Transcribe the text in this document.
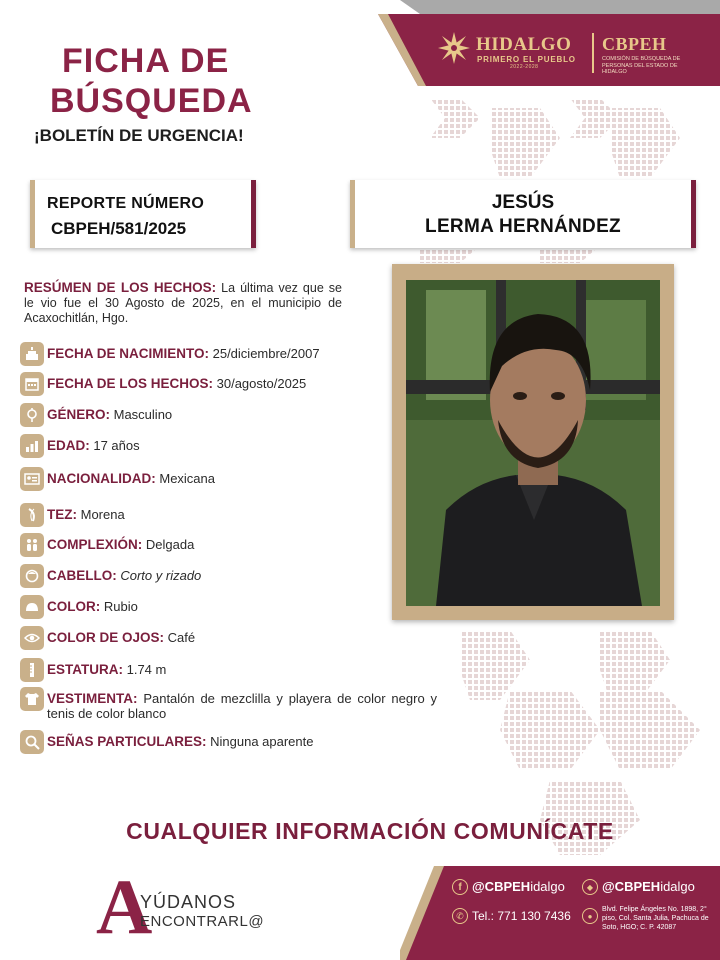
HIDALGO
PRIMERO EL PUEBLO
2022-2028
CBPEH
COMISIÓN DE BÚSQUEDA DE PERSONAS DEL ESTADO DE HIDALGO
FICHA DE
BÚSQUEDA
¡BOLETÍN DE URGENCIA!
REPORTE NÚMERO
CBPEH/581/2025
JESÚS
LERMA HERNÁNDEZ
RESÚMEN DE LOS HECHOS: La última vez que se le vio fue el 30 Agosto de 2025, en el municipio de Acaxochitlán, Hgo.
FECHA DE NACIMIENTO: 25/diciembre/2007
FECHA DE LOS HECHOS: 30/agosto/2025
GÉNERO: Masculino
EDAD: 17 años
NACIONALIDAD: Mexicana
TEZ: Morena
COMPLEXIÓN: Delgada
CABELLO: Corto y rizado
COLOR: Rubio
COLOR DE OJOS: Café
ESTATURA: 1.74 m
VESTIMENTA: Pantalón de mezclilla y playera de color negro y tenis de color blanco
SEÑAS PARTICULARES: Ninguna aparente
CUALQUIER INFORMACIÓN COMUNÍCATE
A
YÚDANOS
ENCONTRARL@
f @CBPEHidalgo	◆ @CBPEHidalgo
✆ Tel.: 771 130 7436 ●
Blvd. Felipe Ángeles No. 1898, 2° piso, Col. Santa Julia, Pachuca de Soto, HGO; C. P. 42087
